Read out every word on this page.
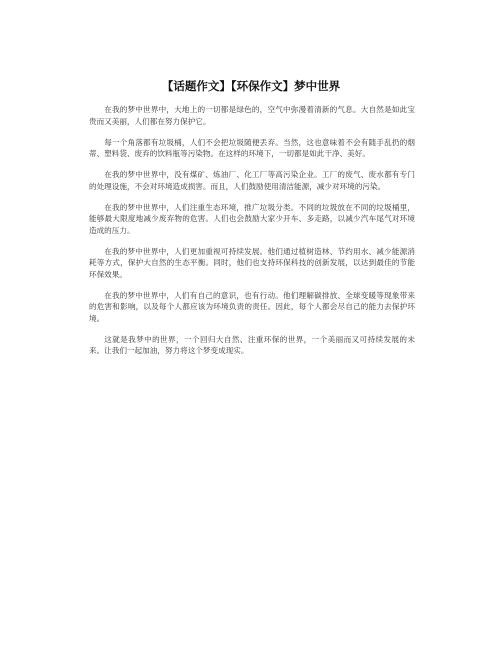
【话题作文】【环保作文】梦中世界

在我的梦中世界中，大地上的一切都是绿色的，空气中弥漫着清新的气息。大自然是如此宝贵而又美丽，人们都在努力保护它。

每一个角落都有垃圾桶，人们不会把垃圾随便丢弃。当然，这也意味着不会有随手乱扔的烟蒂、塑料袋、废弃的饮料瓶等污染物。在这样的环境下，一切都是如此干净、美好。

在我的梦中世界中，没有煤矿、炼油厂、化工厂等高污染企业。工厂的废气、废水都有专门的处理设施，不会对环境造成损害。而且，人们鼓励使用清洁能源，减少对环境的污染。

在我的梦中世界中，人们注重生态环境，推广垃圾分类。不同的垃圾放在不同的垃圾桶里，能够最大限度地减少废弃物的危害。人们也会鼓励大家少开车、多走路，以减少汽车尾气对环境造成的压力。

在我的梦中世界中，人们更加重视可持续发展。他们通过植树造林、节约用水、减少能源消耗等方式，保护大自然的生态平衡。同时，他们也支持环保科技的创新发展，以达到最佳的节能环保效果。

在我的梦中世界中，人们有自己的意识，也有行动。他们理解碳排放、全球变暖等现象带来的危害和影响，以及每个人都应该为环境负责的责任。因此，每个人都会尽自己的能力去保护环境。

这就是我梦中的世界，一个回归大自然、注重环保的世界，一个美丽而又可持续发展的未来。让我们一起加油，努力将这个梦变成现实。
